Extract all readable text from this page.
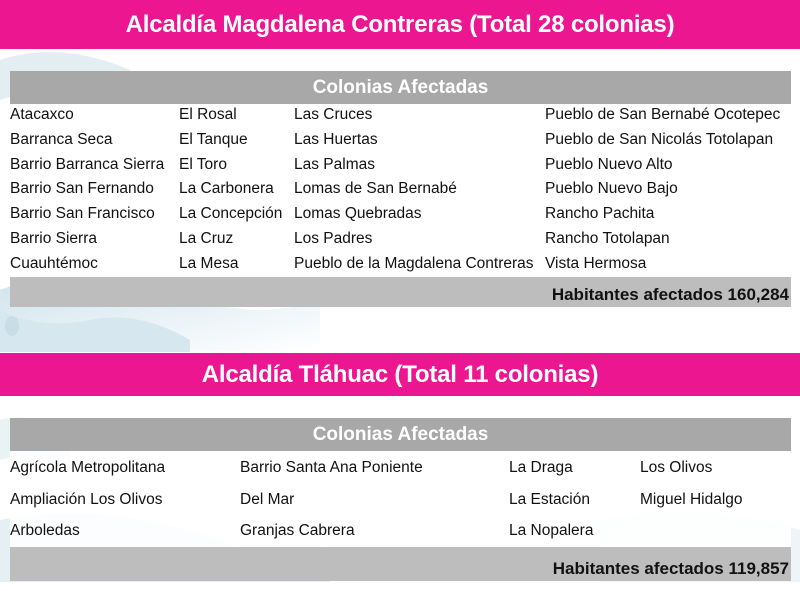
Alcaldía Magdalena Contreras (Total 28 colonias)
Colonias Afectadas
Atacaxco
Barranca Seca
Barrio Barranca Sierra
Barrio San Fernando
Barrio San Francisco
Barrio Sierra
Cuauhtémoc
El Rosal
El Tanque
El Toro
La Carbonera
La Concepción
La Cruz
La Mesa
Las Cruces
Las Huertas
Las Palmas
Lomas de San Bernabé
Lomas Quebradas
Los Padres
Pueblo de la Magdalena Contreras
Pueblo de San Bernabé Ocotepec
Pueblo de San Nicolás Totolapan
Pueblo Nuevo Alto
Pueblo Nuevo Bajo
Rancho Pachita
Rancho Totolapan
Vista Hermosa
Habitantes afectados 160,284
Alcaldía Tláhuac (Total 11 colonias)
Colonias Afectadas
Agrícola Metropolitana
Ampliación Los Olivos
Arboledas
Barrio Santa Ana Poniente
Del Mar
Granjas Cabrera
La Draga
La Estación
La Nopalera
Los Olivos
Miguel Hidalgo
Habitantes afectados 119,857
